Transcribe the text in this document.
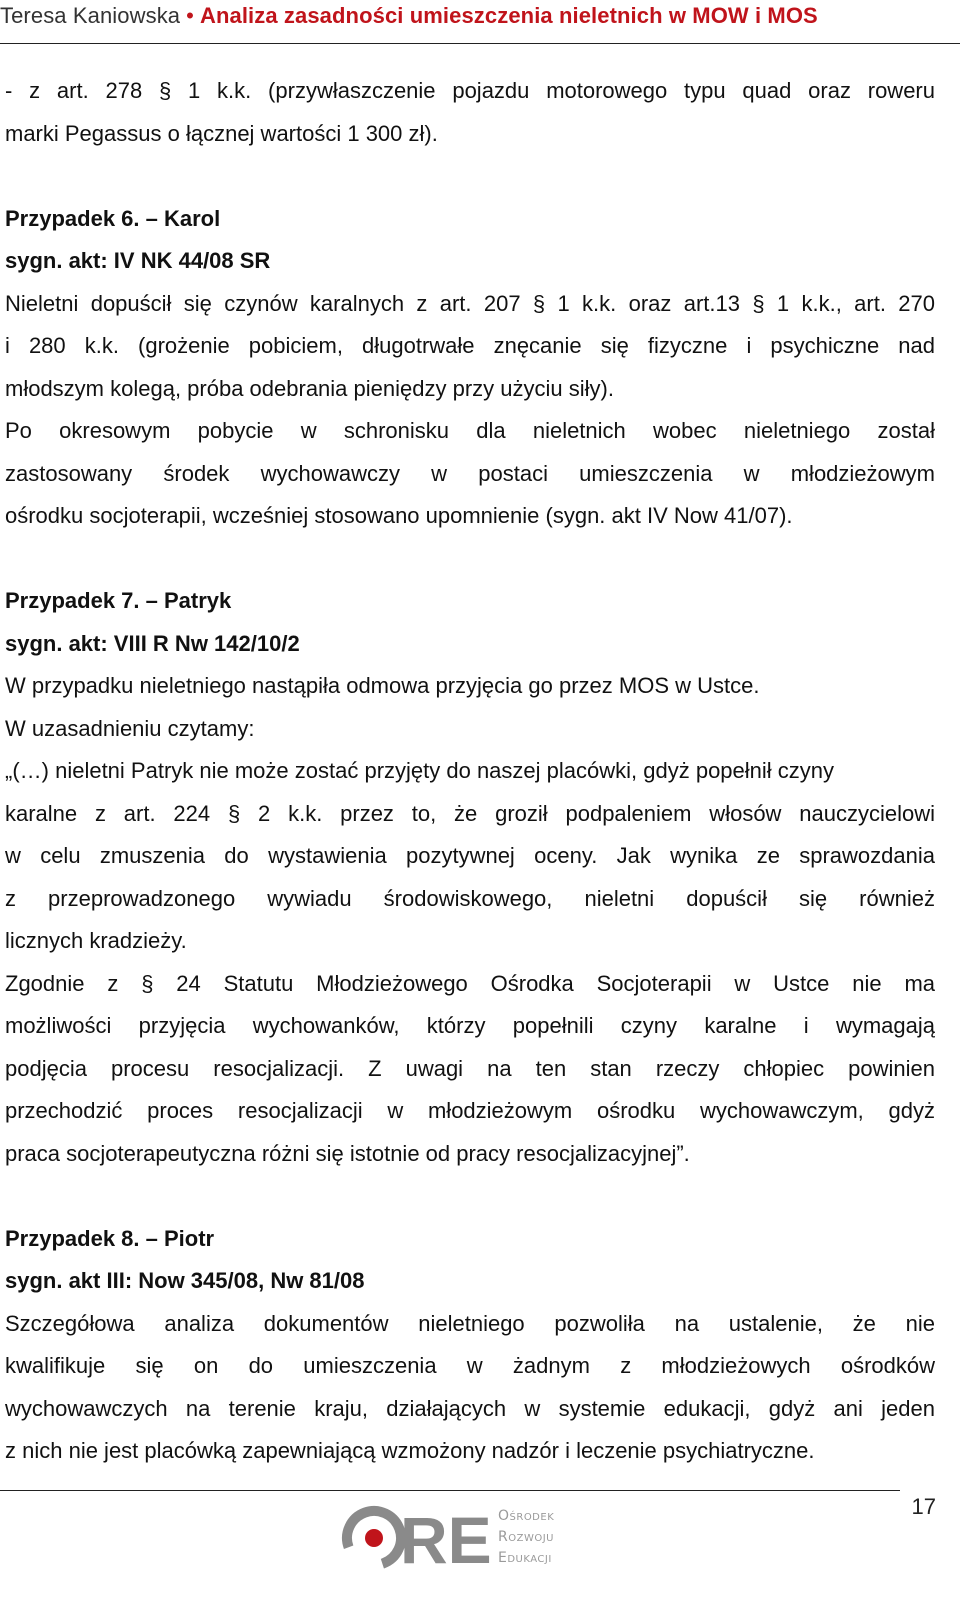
Teresa Kaniowska • Analiza zasadności umieszczenia nieletnich w MOW i MOS
- z art. 278 § 1 k.k. (przywłaszczenie pojazdu motorowego typu quad oraz roweru
marki Pegassus o łącznej wartości 1 300 zł).
Przypadek 6. – Karol
sygn. akt: IV NK 44/08 SR
Nieletni dopuścił się czynów karalnych z art. 207 § 1 k.k. oraz art.13 § 1 k.k., art. 270
i 280 k.k. (grożenie pobiciem, długotrwałe znęcanie się fizyczne i psychiczne nad
młodszym kolegą, próba odebrania pieniędzy przy użyciu siły).
Po okresowym pobycie w schronisku dla nieletnich wobec nieletniego został
zastosowany środek wychowawczy w postaci umieszczenia w młodzieżowym
ośrodku socjoterapii, wcześniej stosowano upomnienie (sygn. akt IV Now 41/07).
Przypadek 7. – Patryk
sygn. akt: VIII R Nw 142/10/2
W przypadku nieletniego nastąpiła odmowa przyjęcia go przez MOS w Ustce.
W uzasadnieniu czytamy:
„(…) nieletni Patryk nie może zostać przyjęty do naszej placówki, gdyż popełnił czyny
karalne z art. 224 § 2 k.k. przez to, że groził podpaleniem włosów nauczycielowi
w celu zmuszenia do wystawienia pozytywnej oceny. Jak wynika ze sprawozdania
z przeprowadzonego wywiadu środowiskowego, nieletni dopuścił się również
licznych kradzieży.
Zgodnie z § 24 Statutu Młodzieżowego Ośrodka Socjoterapii w Ustce nie ma
możliwości przyjęcia wychowanków, którzy popełnili czyny karalne i wymagają
podjęcia procesu resocjalizacji. Z uwagi na ten stan rzeczy chłopiec powinien
przechodzić proces resocjalizacji w młodzieżowym ośrodku wychowawczym, gdyż
praca socjoterapeutyczna różni się istotnie od pracy resocjalizacyjnej”.
Przypadek 8. – Piotr
sygn. akt III: Now 345/08, Nw 81/08
Szczegółowa analiza dokumentów nieletniego pozwoliła na ustalenie, że nie
kwalifikuje się on do umieszczenia w żadnym z młodzieżowych ośrodków
wychowawczych na terenie kraju, działających w systemie edukacji, gdyż ani jeden
z nich nie jest placówką zapewniającą wzmożony nadzór i leczenie psychiatryczne.
17
RE Ośrodek
Rozwoju
Edukacji
